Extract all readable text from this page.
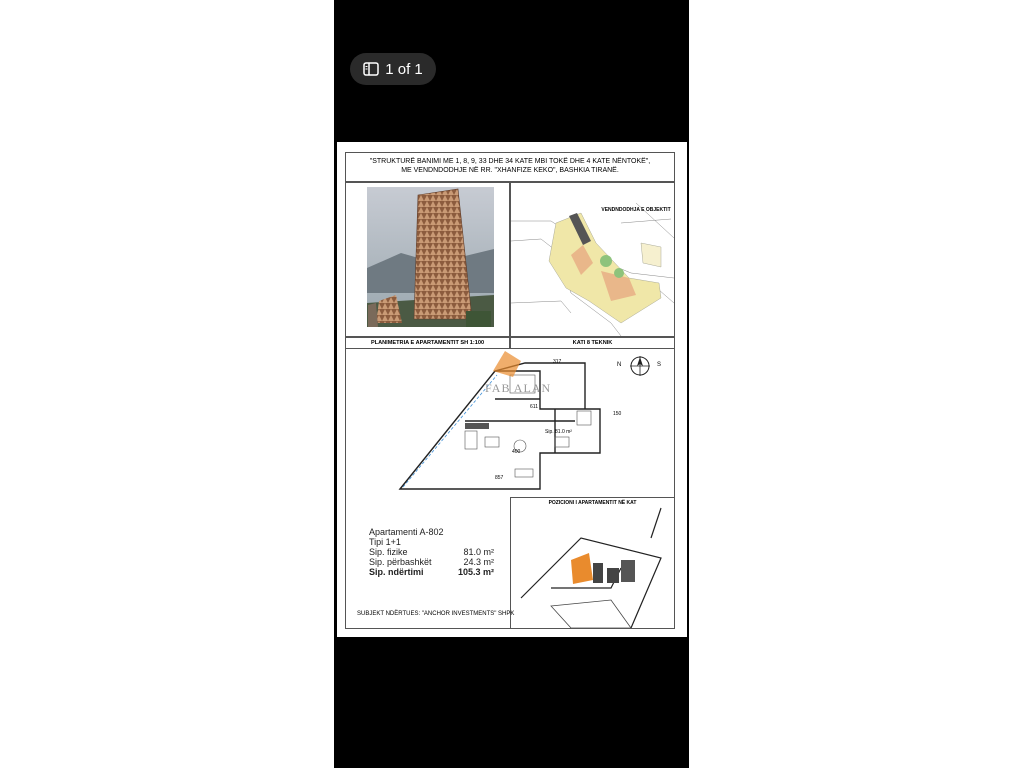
1 of 1
"STRUKTURË BANIMI ME 1, 8, 9, 33 DHE 34 KATE MBI TOKË DHE 4 KATE NËNTOKË",
ME VENDNDODHJE NË RR. "XHANFIZE KEKO", BASHKIA TIRANË.
VENDNDODHJA E OBJEKTIT
PLANIMETRIA E APARTAMENTIT SH 1:100	KATI 8 TEKNIK
FAB ALAN
317
611
150
400
857
Sip. 81.0 m²
N	S
POZICIONI I APARTAMENTIT NË KAT
Apartamenti A-802
Tipi 1+1
Sip. fizike	81.0 m²
Sip. përbashkët	24.3 m²
Sip. ndërtimi	105.3 m²
SUBJEKT NDËRTUES: "ANCHOR INVESTMENTS" SHPK
